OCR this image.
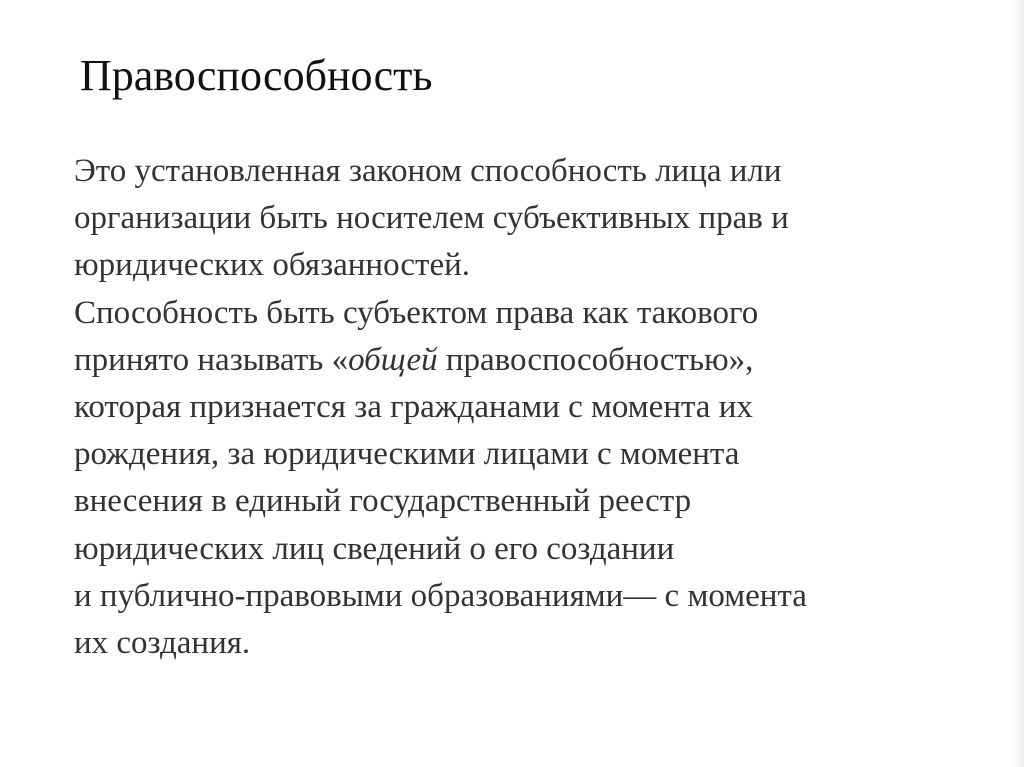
Правоспособность
Это установленная законом способность лица или
организации быть носителем субъективных прав и
юридических обязанностей.
Способность быть субъектом права как такового
принято называть «общей правоспособностью»,
которая признается за гражданами с момента их
рождения, за юридическими лицами с момента
внесения в единый государственный реестр
юридических лиц сведений о его создании
и публично-правовыми образованиями— с момента
их создания.
